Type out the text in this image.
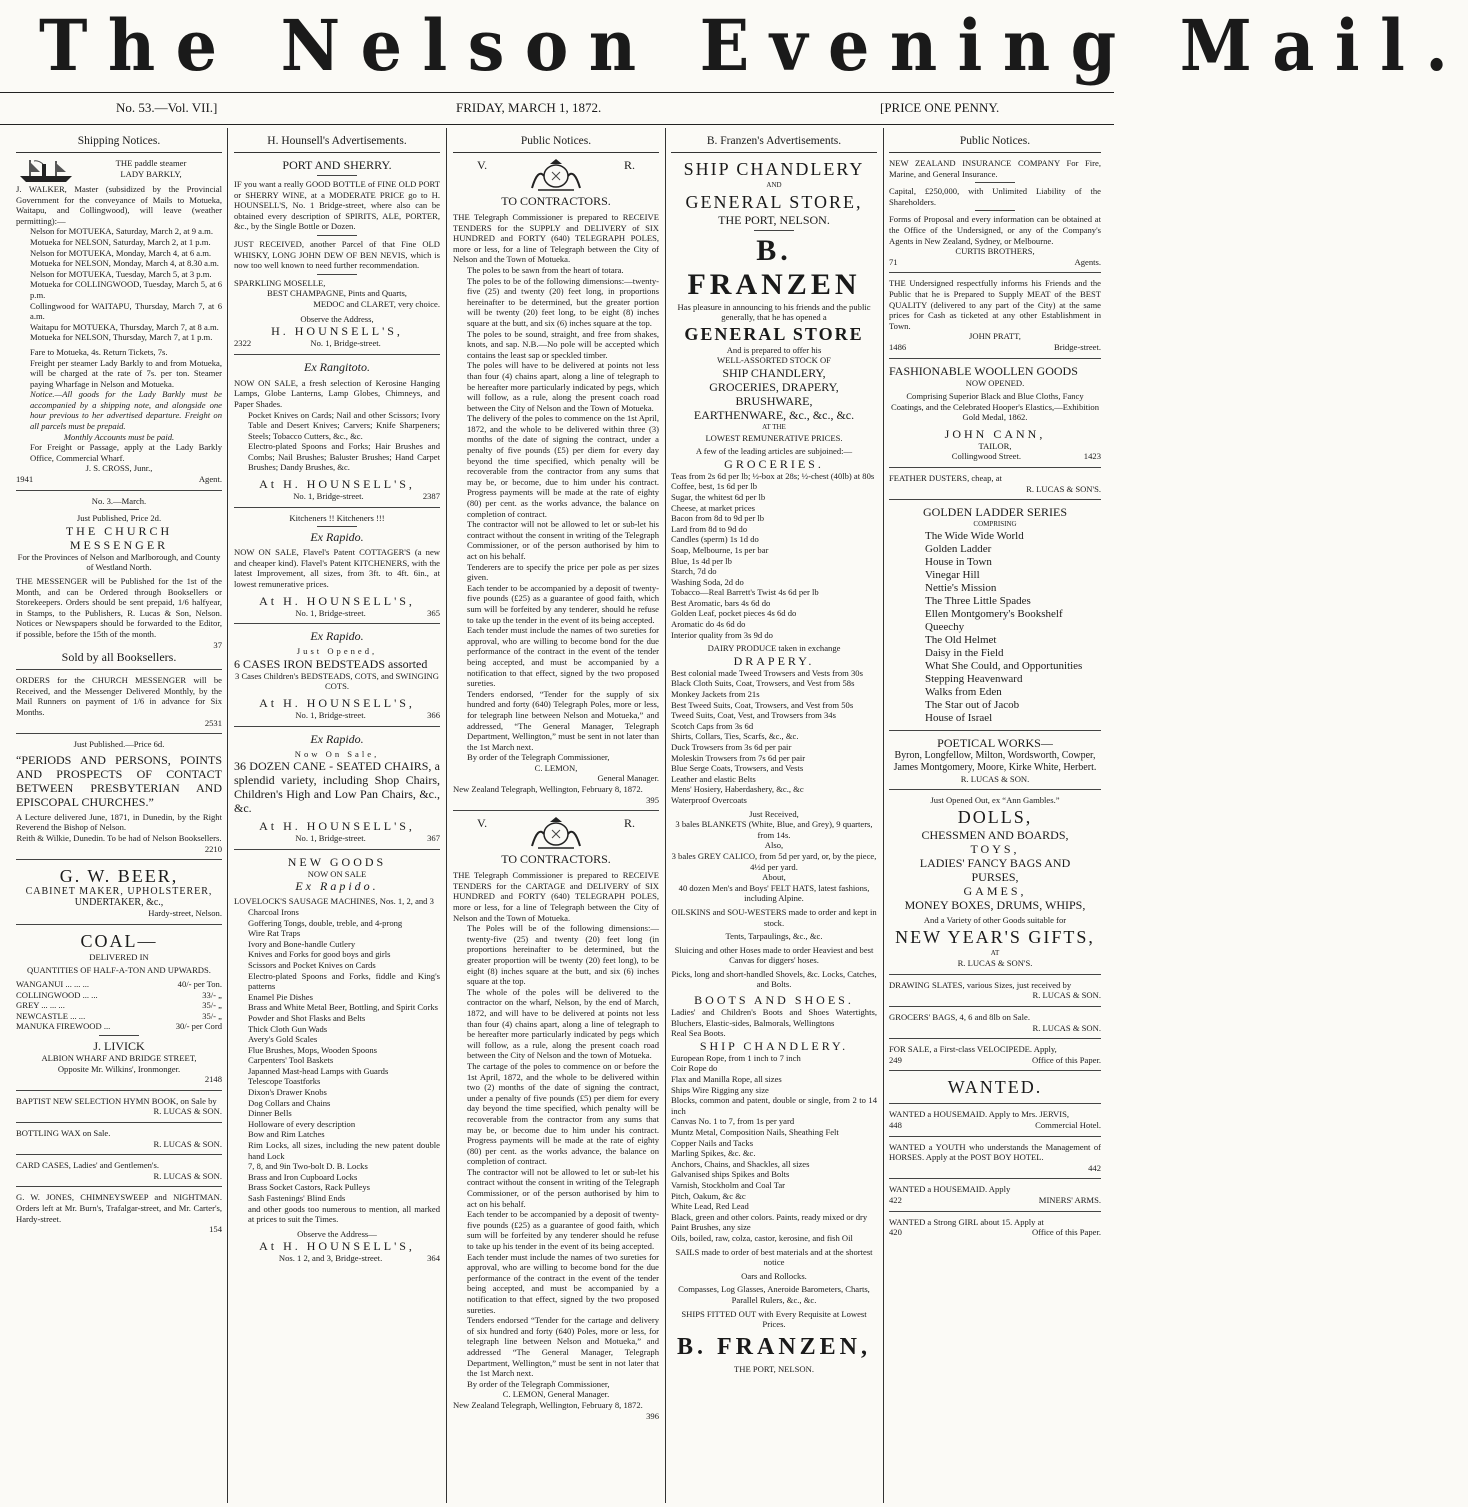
The Nelson Evening Mail.
No. 53.—Vol. VII.]	FRIDAY, MARCH 1, 1872.	[PRICE ONE PENNY.
Shipping Notices.

THE paddle steamer

LADY BARKLY,

J. WALKER, Master (subsidized by the Provincial Government for the conveyance of Mails to Motueka, Waitapu, and Collingwood), will leave (weather permitting):—

Nelson for MOTUEKA, Saturday, March 2, at 9 a.m.

Motueka for NELSON, Saturday, March 2, at 1 p.m.

Nelson for MOTUEKA, Monday, March 4, at 6 a.m.

Motueka for NELSON, Monday, March 4, at 8.30 a.m.

Nelson for MOTUEKA, Tuesday, March 5, at 3 p.m.

Motueka for COLLINGWOOD, Tuesday, March 5, at 6 p.m.

Collingwood for WAITAPU, Thursday, March 7, at 6 a.m.

Waitapu for MOTUEKA, Thursday, March 7, at 8 a.m.

Motueka for NELSON, Thursday, March 7, at 1 p.m.

Fare to Motueka, 4s. Return Tickets, 7s.

Freight per steamer Lady Barkly to and from Motueka, will be charged at the rate of 7s. per ton. Steamer paying Wharfage in Nelson and Motueka.

Notice.—All goods for the Lady Barkly must be accompanied by a shipping note, and alongside one hour previous to her advertised departure. Freight on all parcels must be prepaid.

Monthly Accounts must be paid.

For Freight or Passage, apply at the Lady Barkly Office, Commercial Wharf.

J. S. CROSS, Junr.,

1941	Agent.

No. 3.—March.

Just Published, Price 2d.

THE CHURCH MESSENGER

For the Provinces of Nelson and Marlborough, and County of Westland North.

THE MESSENGER will be Published for the 1st of the Month, and can be Ordered through Booksellers or Storekeepers. Orders should be sent prepaid, 1/6 halfyear, in Stamps, to the Publishers, R. Lucas & Son, Nelson. Notices or Newspapers should be forwarded to the Editor, if possible, before the 15th of the month.

37

Sold by all Booksellers.

ORDERS for the CHURCH MESSENGER will be Received, and the Messenger Delivered Monthly, by the Mail Runners on payment of 1/6 in advance for Six Months.

2531

Just Published.—Price 6d.

“PERIODS AND PERSONS, POINTS AND PROSPECTS OF CONTACT BETWEEN PRESBYTERIAN AND EPISCOPAL CHURCHES.”

A Lecture delivered June, 1871, in Dunedin, by the Right Reverend the Bishop of Nelson.

Reith & Wilkie, Dunedin. To be had of Nelson Booksellers.

2210

G. W. BEER,

CABINET MAKER, UPHOLSTERER,

UNDERTAKER, &c.,

Hardy-street, Nelson.

COAL—

DELIVERED IN

QUANTITIES OF HALF-A-TON AND UPWARDS.

WANGANUI ... ... ...	40/- per Ton.
COLLINGWOOD ... ...	33/- „
GREY ... ... ...	35/- „
NEWCASTLE ... ...	35/- „
MANUKA FIREWOOD ...	30/- per Cord

J. LIVICK

ALBION WHARF AND BRIDGE STREET,

Opposite Mr. Wilkins', Ironmonger.

2148

BAPTIST NEW SELECTION HYMN BOOK, on Sale by

R. LUCAS & SON.

BOTTLING WAX on Sale.

R. LUCAS & SON.

CARD CASES, Ladies' and Gentlemen's.

R. LUCAS & SON.

G. W. JONES, CHIMNEYSWEEP and NIGHTMAN. Orders left at Mr. Burn's, Trafalgar-street, and Mr. Carter's, Hardy-street.

154

H. Hounsell's Advertisements.

PORT AND SHERRY.

IF you want a really GOOD BOTTLE of FINE OLD PORT or SHERRY WINE, at a MODERATE PRICE go to H. HOUNSELL'S, No. 1 Bridge-street, where also can be obtained every description of SPIRITS, ALE, PORTER, &c., by the Single Bottle or Dozen.

JUST RECEIVED, another Parcel of that Fine OLD WHISKY, LONG JOHN DEW OF BEN NEVIS, which is now too well known to need further recommendation.

SPARKLING MOSELLE,

BEST CHAMPAGNE, Pints and Quarts,

MEDOC and CLARET, very choice.

Observe the Address,

H. HOUNSELL'S,

2322	No. 1, Bridge-street.

Ex Rangitoto.

NOW ON SALE, a fresh selection of Kerosine Hanging Lamps, Globe Lanterns, Lamp Globes, Chimneys, and Paper Shades.

Pocket Knives on Cards; Nail and other Scissors; Ivory Table and Desert Knives; Carvers; Knife Sharpeners; Steels; Tobacco Cutters, &c., &c.

Electro-plated Spoons and Forks; Hair Brushes and Combs; Nail Brushes; Baluster Brushes; Hand Carpet Brushes; Dandy Brushes, &c.

At H. HOUNSELL'S,

No. 1, Bridge-street.	2387

Kitcheners !! Kitcheners !!!

Ex Rapido.

NOW ON SALE, Flavel's Patent COTTAGER'S (a new and cheaper kind). Flavel's Patent KITCHENERS, with the latest Improvement, all sizes, from 3ft. to 4ft. 6in., at lowest remunerative prices.

At H. HOUNSELL'S,

No. 1, Bridge-street.	365

Ex Rapido.

Just Opened,

6 CASES IRON BEDSTEADS assorted

3 Cases Children's BEDSTEADS, COTS, and SWINGING COTS.

At H. HOUNSELL'S,

No. 1, Bridge-street.	366

Ex Rapido.

Now On Sale,

36 DOZEN CANE - SEATED CHAIRS, a splendid variety, including Shop Chairs, Children's High and Low Pan Chairs, &c., &c.

At H. HOUNSELL'S,

No. 1, Bridge-street.	367

NEW GOODS

NOW ON SALE

Ex Rapido.

LOVELOCK'S SAUSAGE MACHINES, Nos. 1, 2, and 3

Charcoal Irons

Goffering Tongs, double, treble, and 4-prong

Wire Rat Traps

Ivory and Bone-handle Cutlery

Knives and Forks for good boys and girls

Scissors and Pocket Knives on Cards

Electro-plated Spoons and Forks, fiddle and King's patterns

Enamel Pie Dishes

Brass and White Metal Beer, Bottling, and Spirit Corks

Powder and Shot Flasks and Belts

Thick Cloth Gun Wads

Avery's Gold Scales

Flue Brushes, Mops, Wooden Spoons

Carpenters' Tool Baskets

Japanned Mast-head Lamps with Guards

Telescope Toastforks

Dixon's Drawer Knobs

Dog Collars and Chains

Dinner Bells

Holloware of every description

Bow and Rim Latches

Rim Locks, all sizes, including the new patent double hand Lock

7, 8, and 9in Two-bolt D. B. Locks

Brass and Iron Cupboard Locks

Brass Socket Castors, Rack Pulleys

Sash Fastenings' Blind Ends

and other goods too numerous to mention, all marked at prices to suit the Times.

Observe the Address—

At H. HOUNSELL'S,

Nos. 1 2, and 3, Bridge-street.	364
Public Notices.
V.	R.

TO CONTRACTORS.

THE Telegraph Commissioner is prepared to RECEIVE TENDERS for the SUPPLY and DELIVERY of SIX HUNDRED and FORTY (640) TELEGRAPH POLES, more or less, for a line of Telegraph between the City of Nelson and the Town of Motueka.

The poles to be sawn from the heart of totara.

The poles to be of the following dimensions:—twenty-five (25) and twenty (20) feet long, in proportions hereinafter to be determined, but the greater portion will be twenty (20) feet long, to be eight (8) inches square at the butt, and six (6) inches square at the top.

The poles to be sound, straight, and free from shakes, knots, and sap. N.B.—No pole will be accepted which contains the least sap or speckled timber.

The poles will have to be delivered at points not less than four (4) chains apart, along a line of telegraph to be hereafter more particularly indicated by pegs, which will follow, as a rule, along the present coach road between the City of Nelson and the Town of Motueka.

The delivery of the poles to commence on the 1st April, 1872, and the whole to be delivered within three (3) months of the date of signing the contract, under a penalty of five pounds (£5) per diem for every day beyond the time specified, which penalty will be recoverable from the contractor from any sums that may be, or become, due to him under his contract. Progress payments will be made at the rate of eighty (80) per cent. as the works advance, the balance on completion of contract.

The contractor will not be allowed to let or sub-let his contract without the consent in writing of the Telegraph Commissioner, or of the person authorised by him to act on his behalf.

Tenderers are to specify the price per pole as per sizes given.

Each tender to be accompanied by a deposit of twenty-five pounds (£25) as a guarantee of good faith, which sum will be forfeited by any tenderer, should he refuse to take up the tender in the event of its being accepted.

Each tender must include the names of two sureties for approval, who are willing to become bond for the due performance of the contract in the event of the tender being accepted, and must be accompanied by a notification to that effect, signed by the two proposed sureties.

Tenders endorsed, “Tender for the supply of six hundred and forty (640) Telegraph Poles, more or less, for telegraph line between Nelson and Motueka,” and addressed, “The General Manager, Telegraph Department, Wellington,” must be sent in not later than the 1st March next.

By order of the Telegraph Commissioner,

C. LEMON,

General Manager.

New Zealand Telegraph, Wellington, February 8, 1872.

395

V.	R.

TO CONTRACTORS.

THE Telegraph Commissioner is prepared to RECEIVE TENDERS for the CARTAGE and DELIVERY of SIX HUNDRED and FORTY (640) TELEGRAPH POLES, more or less, for a line of Telegraph between the City of Nelson and the Town of Motueka.

The Poles will be of the following dimensions:—twenty-five (25) and twenty (20) feet long (in proportions hereinafter to be determined, but the greater proportion will be twenty (20) feet long), to be eight (8) inches square at the butt, and six (6) inches square at the top.

The whole of the poles will be delivered to the contractor on the wharf, Nelson, by the end of March, 1872, and will have to be delivered at points not less than four (4) chains apart, along a line of telegraph to be hereafter more particularly indicated by pegs which will follow, as a rule, along the present coach road between the City of Nelson and the town of Motueka.

The cartage of the poles to commence on or before the 1st April, 1872, and the whole to be delivered within two (2) months of the date of signing the contract, under a penalty of five pounds (£5) per diem for every day beyond the time specified, which penalty will be recoverable from the contractor from any sums that may be, or become due to him under his contract. Progress payments will be made at the rate of eighty (80) per cent. as the works advance, the balance on completion of contract.

The contractor will not be allowed to let or sub-let his contract without the consent in writing of the Telegraph Commissioner, or of the person authorised by him to act on his behalf.

Each tender to be accompanied by a deposit of twenty-five pounds (£25) as a guarantee of good faith, which sum will be forfeited by any tenderer should he refuse to take up his tender in the event of its being accepted.

Each tender must include the names of two sureties for approval, who are willing to become bond for the due performance of the contract in the event of the tender being accepted, and must be accompanied by a notification to that effect, signed by the two proposed sureties.

Tenders endorsed “Tender for the cartage and delivery of six hundred and forty (640) Poles, more or less, for telegraph line between Nelson and Motueka,” and addressed “The General Manager, Telegraph Department, Wellington,” must be sent in not later that the 1st March next.

By order of the Telegraph Commissioner,

C. LEMON, General Manager.

New Zealand Telegraph, Wellington, February 8, 1872.

396

B. Franzen's Advertisements.

SHIP CHANDLERY

AND

GENERAL STORE,

THE PORT, NELSON.

B. FRANZEN

Has pleasure in announcing to his friends and the public generally, that he has opened a

GENERAL STORE

And is prepared to offer his

WELL-ASSORTED STOCK OF

SHIP CHANDLERY,

GROCERIES, DRAPERY,

BRUSHWARE,

EARTHENWARE, &c., &c., &c.

AT THE

LOWEST REMUNERATIVE PRICES.

A few of the leading articles are subjoined:—

GROCERIES.

Teas from 2s 6d per lb; ½-box at 28s; ½-chest (40lb) at 80s

Coffee, best, 1s 6d per lb

Sugar, the whitest 6d per lb

Cheese, at market prices

Bacon from 8d to 9d per lb

Lard from 8d to 9d do

Candles (sperm) 1s 1d do

Soap, Melbourne, 1s per bar

Blue, 1s 4d per lb

Starch, 7d do

Washing Soda, 2d do

Tobacco—Real Barrett's Twist 4s 6d per lb

Best Aromatic, bars 4s 6d do

Golden Leaf, pocket pieces 4s 6d do

Aromatic do 4s 6d do

Interior quality from 3s 9d do

DAIRY PRODUCE taken in exchange

DRAPERY.

Best colonial made Tweed Trowsers and Vests from 30s

Black Cloth Suits, Coat, Trowsers, and Vest from 58s

Monkey Jackets from 21s

Best Tweed Suits, Coat, Trowsers, and Vest from 50s

Tweed Suits, Coat, Vest, and Trowsers from 34s

Scotch Caps from 3s 6d

Shirts, Collars, Ties, Scarfs, &c., &c.

Duck Trowsers from 3s 6d per pair

Moleskin Trowsers from 7s 6d per pair

Blue Serge Coats, Trowsers, and Vests

Leather and elastic Belts

Mens' Hosiery, Haberdashery, &c., &c

Waterproof Overcoats

Just Received,

3 bales BLANKETS (White, Blue, and Grey), 9 quarters, from 14s.

Also,

3 bales GREY CALICO, from 5d per yard, or, by the piece, 4½d per yard.

About,

40 dozen Men's and Boys' FELT HATS, latest fashions, including Alpine.

OILSKINS and SOU-WESTERS made to order and kept in stock.

Tents, Tarpaulings, &c., &c.

Sluicing and other Hoses made to order Heaviest and best Canvas for diggers' hoses.

Picks, long and short-handled Shovels, &c. Locks, Catches, and Bolts.

BOOTS AND SHOES.

Ladies' and Children's Boots and Shoes Watertights, Bluchers, Elastic-sides, Balmorals, Wellingtons

Real Sea Boots.

SHIP CHANDLERY.

European Rope, from 1 inch to 7 inch

Coir Rope do

Flax and Manilla Rope, all sizes

Ships Wire Rigging any size

Blocks, common and patent, double or single, from 2 to 14 inch

Canvas No. 1 to 7, from 1s per yard

Muntz Metal, Composition Nails, Sheathing Felt

Copper Nails and Tacks

Marling Spikes, &c. &c.

Anchors, Chains, and Shackles, all sizes

Galvanised ships Spikes and Bolts

Varnish, Stockholm and Coal Tar

Pitch, Oakum, &c &c

White Lead, Red Lead

Black, green and other colors. Paints, ready mixed or dry

Paint Brushes, any size

Oils, boiled, raw, colza, castor, kerosine, and fish Oil

SAILS made to order of best materials and at the shortest notice

Oars and Rollocks.

Compasses, Log Glasses, Aneroide Barometers, Charts, Parallel Rulers, &c., &c.

SHIPS FITTED OUT with Every Requisite at Lowest Prices.

B. FRANZEN,

THE PORT, NELSON.

Public Notices.

NEW ZEALAND INSURANCE COMPANY For Fire, Marine, and General Insurance.

Capital, £250,000, with Unlimited Liability of the Shareholders.

Forms of Proposal and every information can be obtained at the Office of the Undersigned, or any of the Company's Agents in New Zealand, Sydney, or Melbourne.

CURTIS BROTHERS,

71	Agents.

THE Undersigned respectfully informs his Friends and the Public that he is Prepared to Supply MEAT of the BEST QUALITY (delivered to any part of the City) at the same prices for Cash as ticketed at any other Establishment in Town.

JOHN PRATT,

1486	Bridge-street.

FASHIONABLE WOOLLEN GOODS

NOW OPENED.

Comprising Superior Black and Blue Cloths, Fancy Coatings, and the Celebrated Hooper's Elastics,—Exhibition Gold Medal, 1862.

JOHN CANN,

TAILOR,

Collingwood Street.	1423

FEATHER DUSTERS, cheap, at

R. LUCAS & SON'S.

GOLDEN LADDER SERIES

COMPRISING

The Wide Wide World

Golden Ladder

House in Town

Vinegar Hill

Nettie's Mission

The Three Little Spades

Ellen Montgomery's Bookshelf

Queechy

The Old Helmet

Daisy in the Field

What She Could, and Opportunities

Stepping Heavenward

Walks from Eden

The Star out of Jacob

House of Israel

POETICAL WORKS—

Byron, Longfellow, Milton, Wordsworth, Cowper, James Montgomery, Moore, Kirke White, Herbert.

R. LUCAS & SON.

Just Opened Out, ex “Ann Gambles.”

DOLLS,

CHESSMEN AND BOARDS,

TOYS,

LADIES' FANCY BAGS AND

PURSES,

GAMES,

MONEY BOXES, DRUMS, WHIPS,

And a Variety of other Goods suitable for

NEW YEAR'S GIFTS,

AT

R. LUCAS & SON'S.

DRAWING SLATES, various Sizes, just received by

R. LUCAS & SON.

GROCERS' BAGS, 4, 6 and 8lb on Sale.

R. LUCAS & SON.

FOR SALE, a First-class VELOCIPEDE. Apply,

249	Office of this Paper.

WANTED.

WANTED a HOUSEMAID. Apply to Mrs. JERVIS,

448	Commercial Hotel.

WANTED a YOUTH who understands the Management of HORSES. Apply at the POST BOY HOTEL.

442

WANTED a HOUSEMAID. Apply

422	MINERS' ARMS.

WANTED a Strong GIRL about 15. Apply at

420	Office of this Paper.
